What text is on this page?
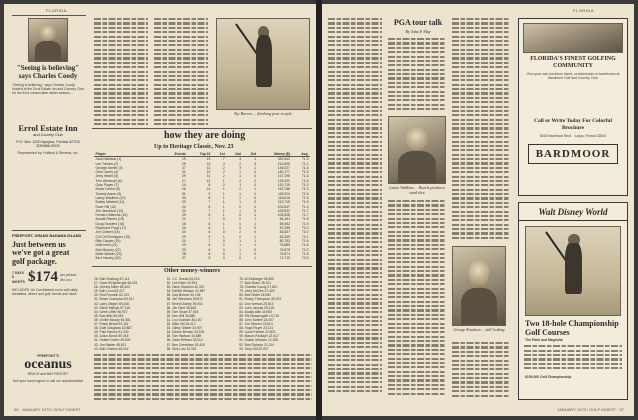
FLORIDA
"Seeing is believing" says Charles Coody
"Seeing is believing," says Charles Coody. Hosted at the Errol Estate Inn and Country Club for the third consecutive winter season...
Errol Estate Inn
and Country Club
P.O. Box 1200 Apopka, Florida 32703
305/886-5000
Represented by: Holland & Stevens, Inc.
FREEPORT, GRAND BAHAMA ISLAND
Just between us we've got a great golf package.
7 DAYS 6 NIGHTS $174 per person, dbl. occ.
INCLUDES: Air Conditioned room with daily breakfast, dinner and golf, tennis and more
FREEPORT'S
oceanus
BEACH and BAY RESORT
See your travel agent or call our representative
Sky Brewer ... finishing pear in style
how they are doing
Up to Heritage Classic, Nov. 23
Player	Events	Top 10	1st	2nd	3rd	Money ($)	Avg.
Jack Nicklaus (1)	19	13	7	3	1	320,542	71.3
Lee Trevino (2)	29	16	4	2	3	214,805	71.1
George Archer (3)	27	12	2	3	1	145,027	71.4
Grier Jones (4)	31	10	2	1	2	140,177	71.5
Jerry Heard (5)	29	11	2	1	0	137,198	71.3
Tom Weiskopf (6)	27	12	1	2	2	129,422	71.6
Gary Player (7)	14	8	2	1	0	120,719	71.0
Bruce Devlin (8)	26	11	1	2	1	119,768	71.3
Tommy Aaron (9)	31	9	1	1	1	118,924	71.6
Lanny Wadkins (10)	30	8	1	2	0	116,616	71.6
Bobby Mitchell (11)	29	7	1	1	0	113,719	71.9
Dave Hill (12)	24	8	1	0	1	103,547	71.3
Jim Jamieson (13)	30	7	1	1	0	109,532	71.7
Homero Blancas (14)	29	8	1	0	1	103,528	71.7
Arnold Palmer (15)	22	7	0	2	1	84,181	71.5
Doug Sanders (16)	26	6	1	0	1	98,082	71.9
Raymond Floyd (17)	26	6	1	0	0	87,285	72.0
Jim Colbert (18)	30	6	0	2	0	83,637	72.0
Chi Chi Rodriguez (19)	29	5	1	0	1	82,339	72.1
Billy Casper (20)	20	7	0	1	1	80,763	71.6
Hale Irwin (21)	29	8	0	1	1	76,889	71.8
Bob Murphy (22)	29	6	0	1	0	75,879	72.0
Miller Barber (23)	28	6	0	1	0	74,871	71.8
Bert Yancey (24)	27	6	0	0	1	72,719	72.0
Other money-winners
26. Bob Rosburg 67,114	51. J.C. Snead 43,216	76. Al Geiberger 28,900
27. Dave Eichelberger 66,001	52. Lee Elder 42,914	77. Bob Stone 28,101
28. Johnny Miller 65,300	53. Dave Stockton 42,307	78. Charles Coody 27,810
29. Bob Lunn 63,417	54. DeWitt Weaver 41,987	79. Jerry McGee 27,420
30. Rod Funseth 62,221	55. Gay Brewer 40,106	80. Bob Smith 26,982
31. Bruce Crampton 60,517	56. Jim Wiechers 39,871	81. Rocky Thompson 26,001
32. Larry Ziegler 59,408	57. Kermit Zarley 39,002	82. Don Iverson 25,813
33. Steve Melnyk 57,118	58. Jim Dent 38,645	83. John Jacobs 25,118
34. Gene Littler 56,907	59. Tom Shaw 37,924	84. Buddy Allin 24,900
35. Bud Allin 55,419	60. Ken Still 36,880	85. Rik Massengale 24,718
36. Orville Moody 54,381	61. Lou Graham 36,100	86. John Schlee 24,007
37. Frank Beard 53,116	62. Mike Hill 35,412	87. Jim Simons 23,614
38. Dale Douglass 52,887	63. Gibby Gilbert 34,907	88. Hugh Royer 23,114
39. Paul Harney 51,330	64. Deane Beman 34,108	89. Lionel Hebert 22,903
40. Julius Boros 50,416	65. Tom Watson 33,889	90. Mason Rudolph 22,417
41. Hubert Green 49,900	66. Dean Refram 33,012	91. Howie Johnson 21,926
42. Jim Barber 48,811	67. Ben Crenshaw 32,418	92. Bob Dickson 21,114
43. Bob Charles 48,002	68. Dick Lotz 31,901	93. Terry Dill 20,907
36 · JANUARY 1973 / GOLF DIGEST
FLORIDA
PGA tour talk
By John P. May
Lanny Wadkins ... Hazels produces sand shot
George Knudson ... still looking
FLORIDA'S FINEST GOLFING COMMUNITY
Own your own luxurious home, condominium or townhouse at Bardmoor Golf and Country Club
Call or Write Today For Colorful Brochure
8000 Bardmoor Blvd. · Largo, Florida 33540
BARDMOOR
Walt Disney World
Two 18-hole Championship Golf Courses
The Palm and Magnolia
$150,000 Golf Championship
JANUARY 1973 / GOLF DIGEST · 37
